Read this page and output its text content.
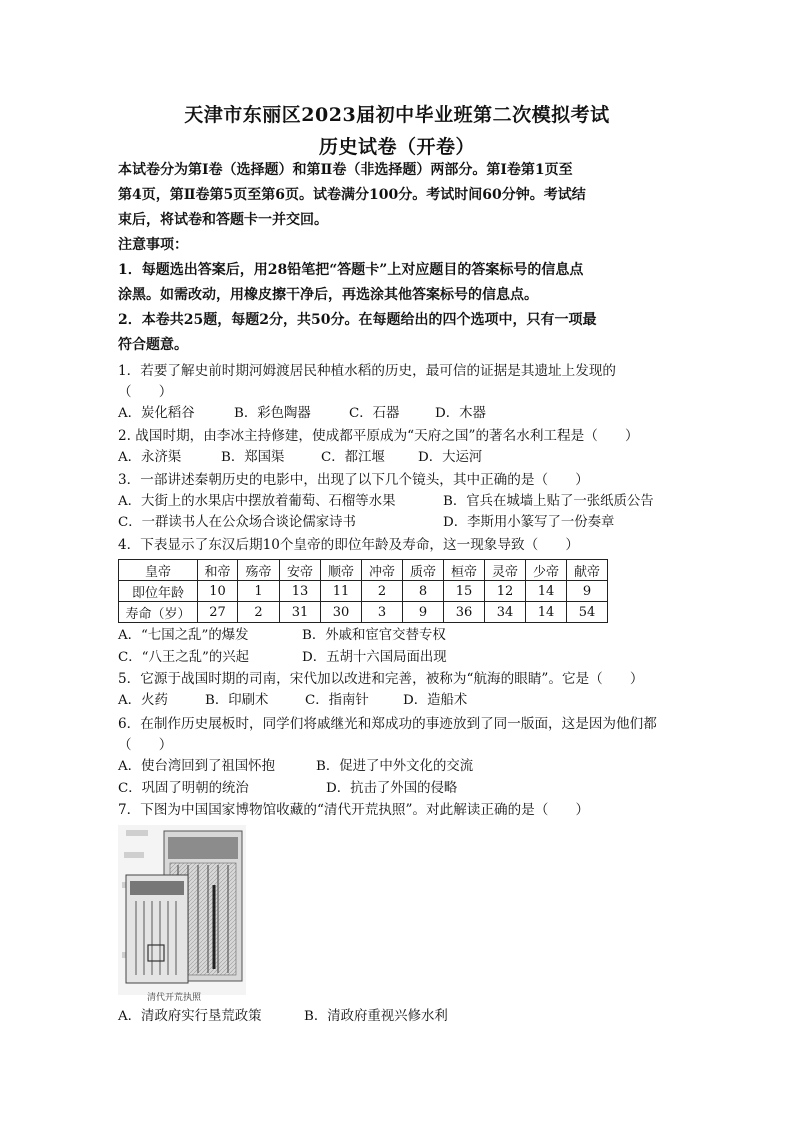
天津市东丽区2023届初中毕业班第二次模拟考试
历史试卷（开卷）
本试卷分为第Ⅰ卷（选择题）和第Ⅱ卷（非选择题）两部分。第Ⅰ卷第1页至
第4页，第Ⅱ卷第5页至第6页。试卷满分100分。考试时间60分钟。考试结
束后，将试卷和答题卡一并交回。
注意事项：
1．每题选出答案后，用28铅笔把“答题卡”上对应题目的答案标号的信息点
涂黑。如需改动，用橡皮擦干净后，再选涂其他答案标号的信息点。
2．本卷共25题，每题2分，共50分。在每题给出的四个选项中，只有一项最
符合题意。
1．若要了解史前时期河姆渡居民种植水稻的历史，最可信的证据是其遗址上发现的
（　　）
A．炭化稻谷	B．彩色陶器	C．石器	D．木器
2. 战国时期，由李冰主持修建，使成都平原成为“天府之国”的著名水利工程是（　　）
A．永济渠	B．郑国渠	C．都江堰 D．大运河
3．一部讲述秦朝历史的电影中，出现了以下几个镜头，其中正确的是（　　）
A．大街上的水果店中摆放着葡萄、石榴等水果	B．官兵在城墙上贴了一张纸质公告
C．一群读书人在公众场合谈论儒家诗书	D．李斯用小篆写了一份奏章
4．下表显示了东汉后期10个皇帝的即位年龄及寿命，这一现象导致（　　）
皇帝	和帝	殇帝	安帝	顺帝	冲帝	质帝	桓帝	灵帝	少帝	献帝
即位年龄	10	1	13	11	2	8	15	12	14	9
寿命（岁）	27	2	31	30	3	9	36	34	14	54
A．“七国之乱”的爆发	B．外戚和宦官交替专权
C．“八王之乱”的兴起	D．五胡十六国局面出现
5．它源于战国时期的司南，宋代加以改进和完善，被称为“航海的眼睛”。它是（　　）
A．火药	B．印刷术	C．指南针	D．造船术
6．在制作历史展板时，同学们将戚继光和郑成功的事迹放到了同一版面，这是因为他们都
（　　）
A．使台湾回到了祖国怀抱	B．促进了中外文化的交流
C．巩固了明朝的统治	D．抗击了外国的侵略
7．下图为中国国家博物馆收藏的“清代开荒执照”。对此解读正确的是（　　）
清代开荒执照
A．清政府实行垦荒政策	B．清政府重视兴修水利
